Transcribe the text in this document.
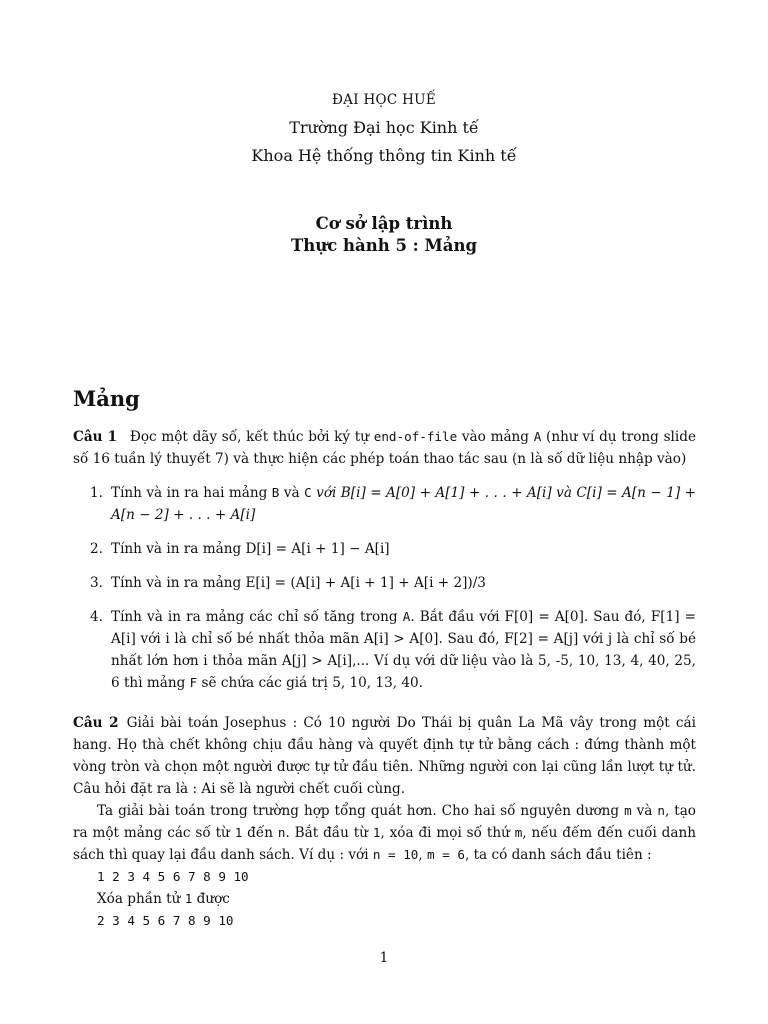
ĐẠI HỌC HUẾ
Trường Đại học Kinh tế
Khoa Hệ thống thông tin Kinh tế
Cơ sở lập trình
Thực hành 5 : Mảng
Mảng
Câu 1 Đọc một dãy số, kết thúc bởi ký tự end-of-file vào mảng A (như ví dụ trong slide số 16 tuần lý thuyết 7) và thực hiện các phép toán thao tác sau (n là số dữ liệu nhập vào)
1. Tính và in ra hai mảng B và C với B[i] = A[0] + A[1] + . . . + A[i] và C[i] = A[n − 1] + A[n − 2] + . . . + A[i]
2. Tính và in ra mảng D[i] = A[i + 1] − A[i]
3. Tính và in ra mảng E[i] = (A[i] + A[i + 1] + A[i + 2])/3
4. Tính và in ra mảng các chỉ số tăng trong A. Bắt đầu với F[0] = A[0]. Sau đó, F[1] = A[i] với i là chỉ số bé nhất thỏa mãn A[i] > A[0]. Sau đó, F[2] = A[j] với j là chỉ số bé nhất lớn hơn i thỏa mãn A[j] > A[i],... Ví dụ với dữ liệu vào là 5, -5, 10, 13, 4, 40, 25, 6 thì mảng F sẽ chứa các giá trị 5, 10, 13, 40.
Câu 2 Giải bài toán Josephus : Có 10 người Do Thái bị quân La Mã vây trong một cái hang. Họ thà chết không chịu đầu hàng và quyết định tự tử bằng cách : đứng thành một vòng tròn và chọn một người được tự tử đầu tiên. Những người con lại cũng lần lượt tự tử. Câu hỏi đặt ra là : Ai sẽ là người chết cuối cùng.
Ta giải bài toán trong trường hợp tổng quát hơn. Cho hai số nguyên dương m và n, tạo ra một mảng các số từ 1 đến n. Bắt đầu từ 1, xóa đi mọi số thứ m, nếu đếm đến cuối danh sách thì quay lại đầu danh sách. Ví dụ : với n = 10, m = 6, ta có danh sách đầu tiên :
1 2 3 4 5 6 7 8 9 10
Xóa phần tử 1 được
2 3 4 5 6 7 8 9 10
1
